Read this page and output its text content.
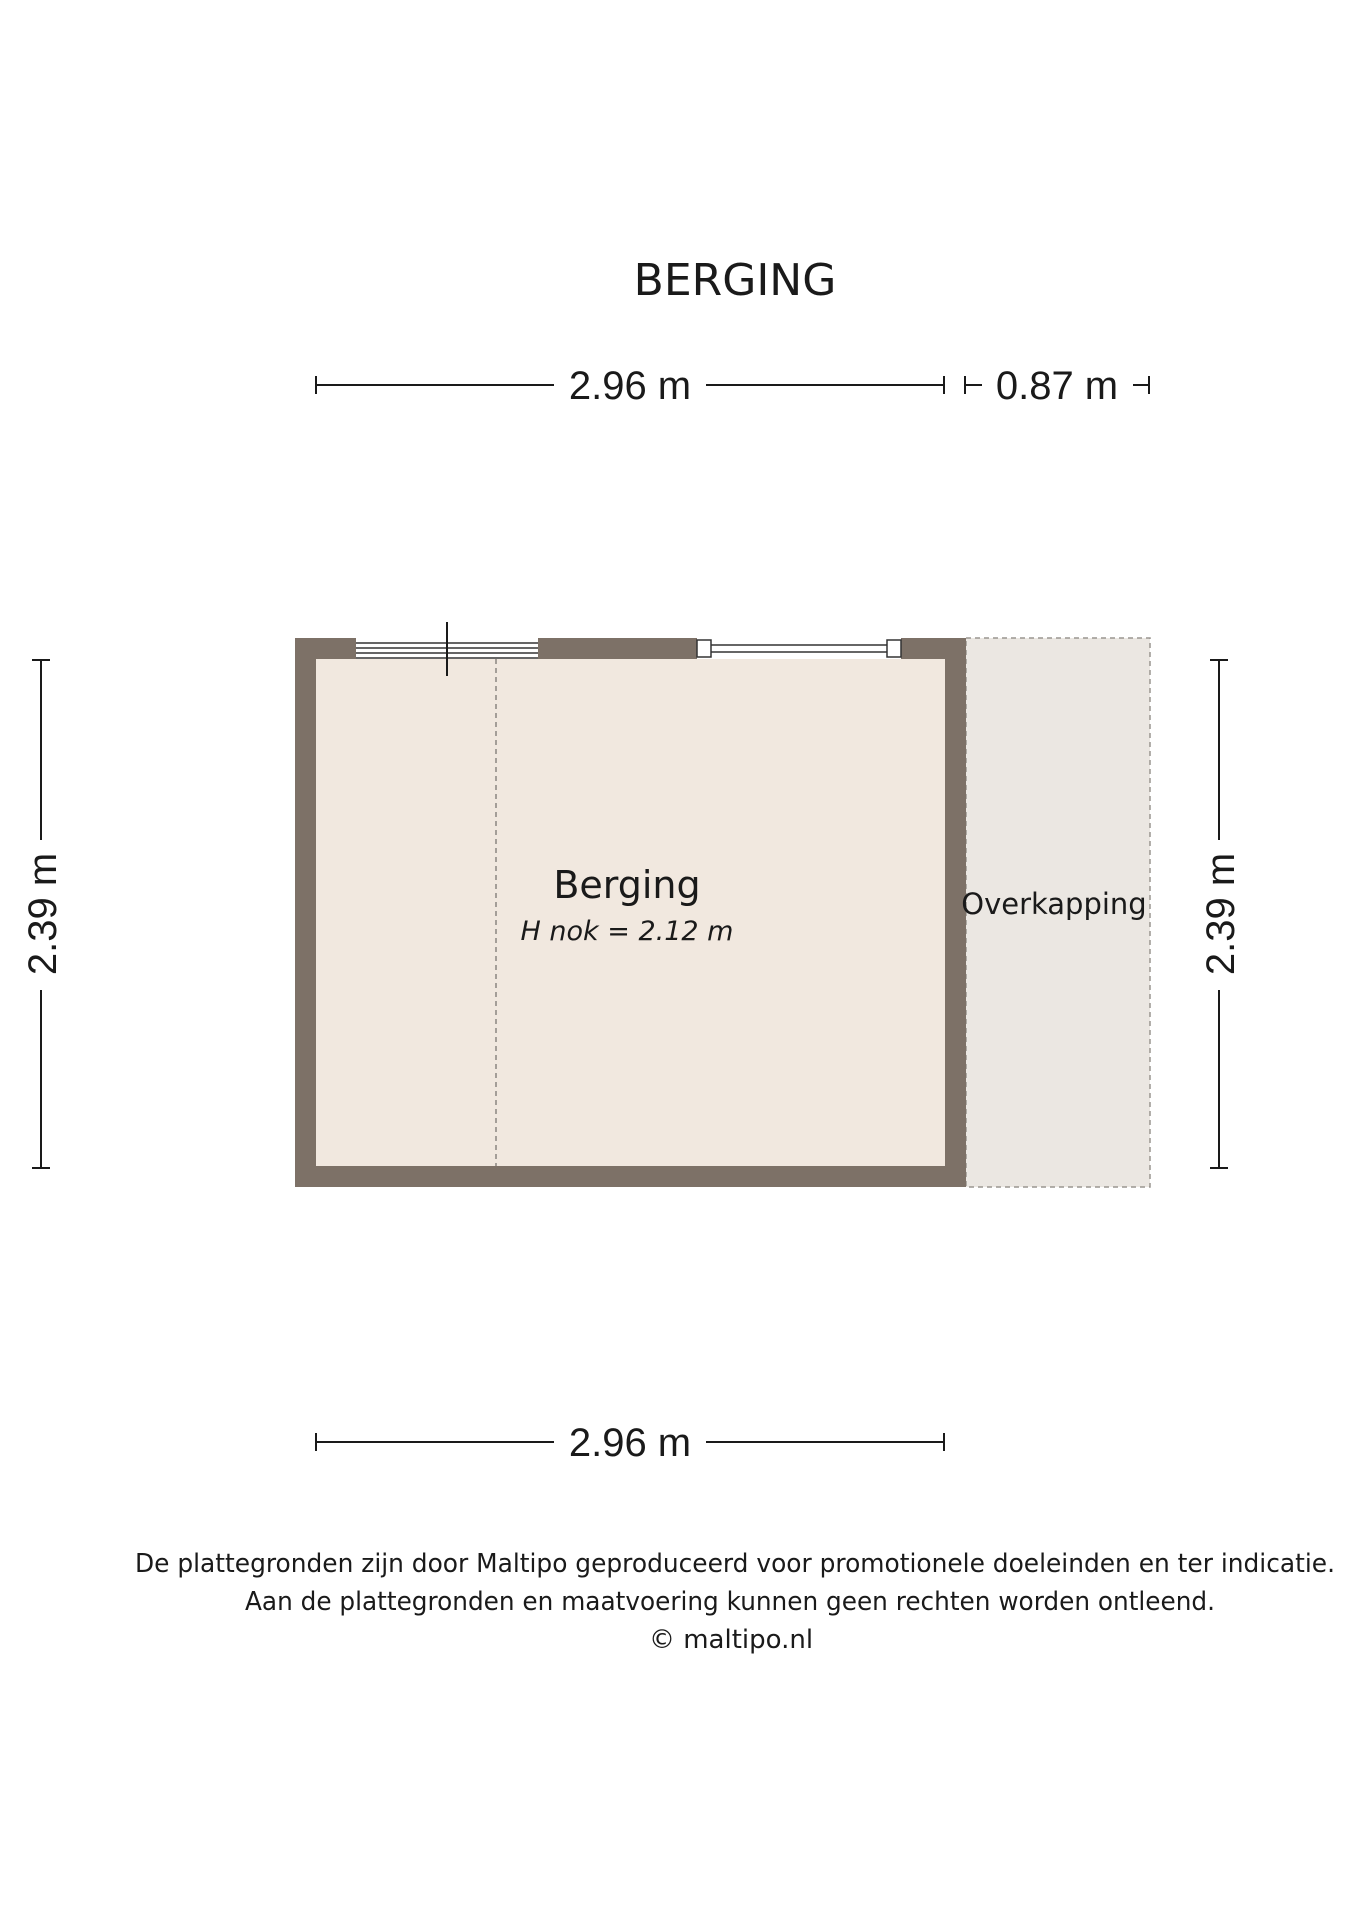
BERGING
2.96 m	0.87 m
2.39 m	2.39 m
Berging
H nok = 2.12 m
Overkapping
2.96 m
De plattegronden zijn door Maltipo geproduceerd voor promotionele doeleinden en ter indicatie.
Aan de plattegronden en maatvoering kunnen geen rechten worden ontleend.
© maltipo.nl
